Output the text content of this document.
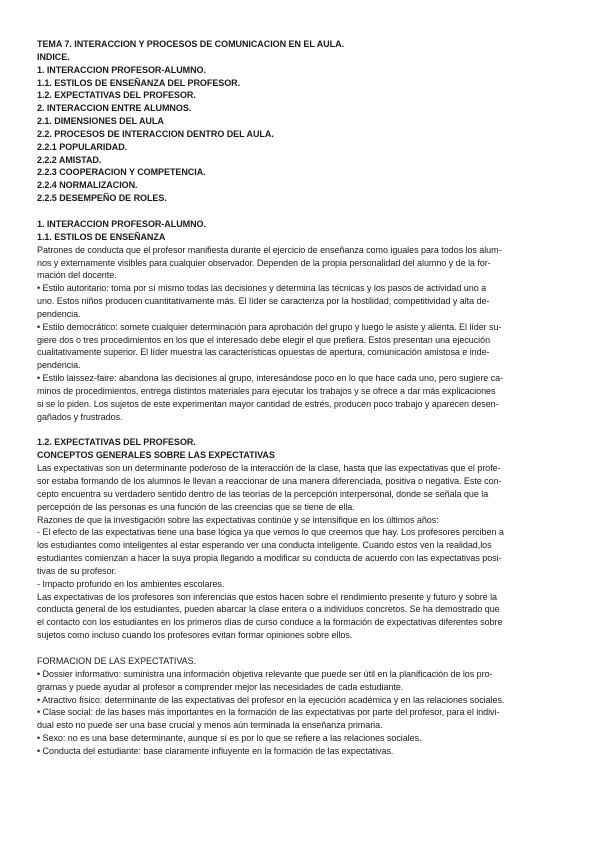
TEMA 7. INTERACCION Y PROCESOS DE COMUNICACION EN EL AULA.
INDICE.
1. INTERACCION PROFESOR-ALUMNO.
1.1. ESTILOS DE ENSEÑANZA DEL PROFESOR.
1.2. EXPECTATIVAS DEL PROFESOR.
2. INTERACCION ENTRE ALUMNOS.
2.1. DIMENSIONES DEL AULA
2.2. PROCESOS DE INTERACCION DENTRO DEL AULA.
2.2.1 POPULARIDAD.
2.2.2 AMISTAD.
2.2.3 COOPERACION Y COMPETENCIA.
2.2.4 NORMALIZACION.
2.2.5 DESEMPEÑO DE ROLES.
1. INTERACCION PROFESOR-ALUMNO.
1.1. ESTILOS DE ENSEÑANZA
Patrones de conducta que el profesor manifiesta durante el ejercicio de enseñanza como iguales para todos los alum-
nos y externamente visibles para cualquier observador. Dependen de la propia personalidad del alumno y de la for-
mación del docente.
• Estilo autoritario: toma por sí mismo todas las decisiones y determina las técnicas y los pasos de actividad uno a
uno. Estos niños producen cuantitativamente más. El líder se caracteriza por la hostilidad, competitividad y alta de-
pendencia.
• Estilo democrático: somete cualquier determinación para aprobación del grupo y luego le asiste y alienta. El líder su-
giere dos o tres procedimientos en los que el interesado debe elegir el que prefiera. Estos presentan una ejecución
cualitativamente superior. El líder muestra las características opuestas de apertura, comunicación amistosa e inde-
pendencia.
• Estilo laissez-faire: abandona las decisiones al grupo, interesándose poco en lo que hace cada uno, pero sugiere ca-
minos de procedimientos, entrega distintos materiales para ejecutar los trabajos y se ofrece a dar más explicaciones
si se lo piden. Los sujetos de este experimentan mayor cantidad de estrés, producen poco trabajo y aparecen desen-
gañados y frustrados.
1.2. EXPECTATIVAS DEL PROFESOR.
CONCEPTOS GENERALES SOBRE LAS EXPECTATIVAS
Las expectativas son un determinante poderoso de la interacción de la clase, hasta que las expectativas que el profe-
sor estaba formando de los alumnos le llevan a reaccionar de una manera diferenciada, positiva o negativa. Este con-
cepto encuentra su verdadero sentido dentro de las teorías de la percepción interpersonal, donde se señala que la
percepción de las personas es una función de las creencias que se tiene de ella.
Razones de que la investigación sobre las expectativas continúe y se intensifique en los últimos años:
- El efecto de las expectativas tiene una base lógica ya que vemos lo que creemos que hay. Los profesores perciben a
los estudiantes como inteligentes al estar esperando ver una conducta inteligente. Cuando estos ven la realidad,los
estudiantes comienzan a hacer la suya propia llegando a modificar su conducta de acuerdo con las expectativas posi-
tivas de su profesor.
- Impacto profundo en los ambientes escolares.
Las expectativas de los profesores son inferencias que estos hacen sobre el rendimiento presente y futuro y sobre la
conducta general de los estudiantes, pueden abarcar la clase entera o a individuos concretos. Se ha demostrado que
el contacto con los estudiantes en los primeros días de curso conduce a la formación de expectativas diferentes sobre
sujetos como incluso cuando los profesores evitan formar opiniones sobre ellos.
FORMACION DE LAS EXPECTATIVAS.
• Dossier informativo: suministra una información objetiva relevante que puede ser útil en la planificación de los pro-
gramas y puede ayudar al profesor a comprender mejor las necesidades de cada estudiante.
• Atractivo físico: determinante de las expectativas del profesor en la ejecución académica y en las relaciones sociales.
• Clase social: de las bases más importantes en la formación de las expectativas por parte del profesor, para el indivi-
dual esto no puede ser una base crucial y menos aún terminada la enseñanza primaria.
• Sexo: no es una base determinante, aunque sí es por lo que se refiere a las relaciones sociales.
• Conducta del estudiante: base claramente influyente en la formación de las expectativas.
